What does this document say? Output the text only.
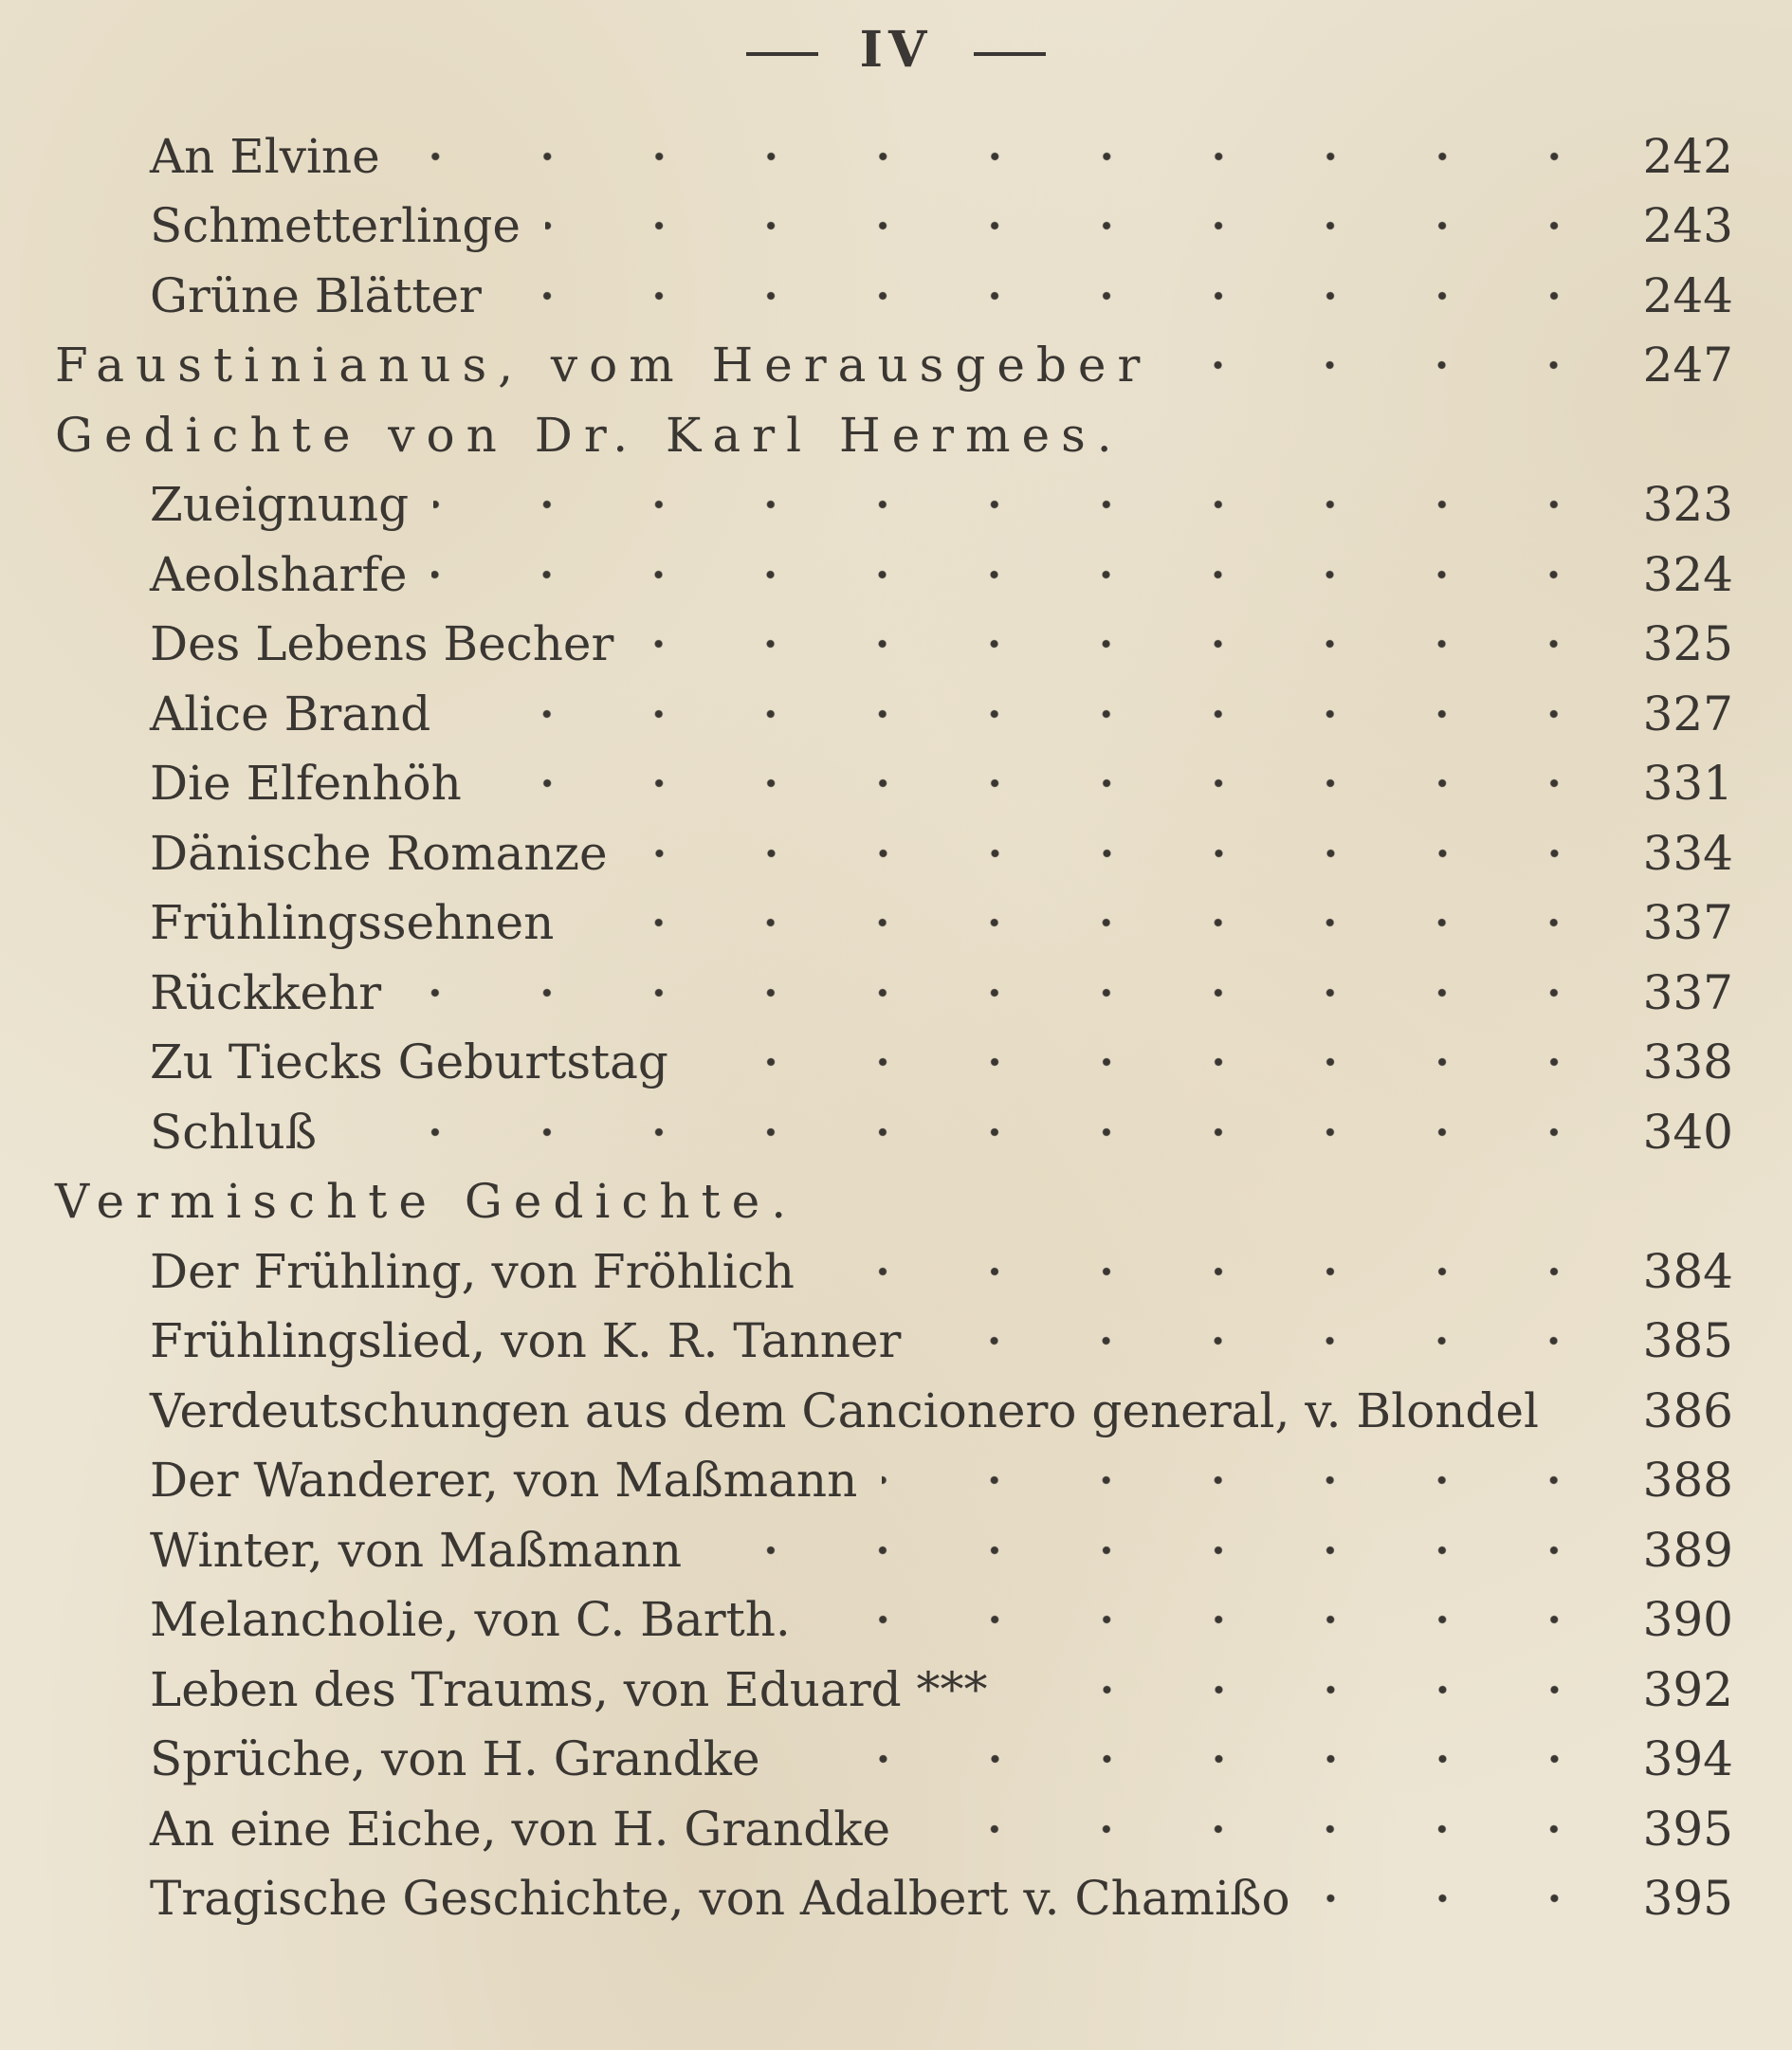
IV
An Elvine	242
Schmetterlinge	243
Grüne Blätter	244
Faustinianus, vom Herausgeber	247
Gedichte von Dr. Karl Hermes.
Zueignung	323
Aeolsharfe	324
Des Lebens Becher	325
Alice Brand	327
Die Elfenhöh	331
Dänische Romanze	334
Frühlingssehnen	337
Rückkehr	337
Zu Tiecks Geburtstag	338
Schluß	340
Vermischte Gedichte.
Der Frühling, von Fröhlich	384
Frühlingslied, von K. R. Tanner	385
Verdeutschungen aus dem Cancionero general, v. Blondel	386
Der Wanderer, von Maßmann	388
Winter, von Maßmann	389
Melancholie, von C. Barth.	390
Leben des Traums, von Eduard ***	392
Sprüche, von H. Grandke	394
An eine Eiche, von H. Grandke	395
Tragische Geschichte, von Adalbert v. Chamißo	395
